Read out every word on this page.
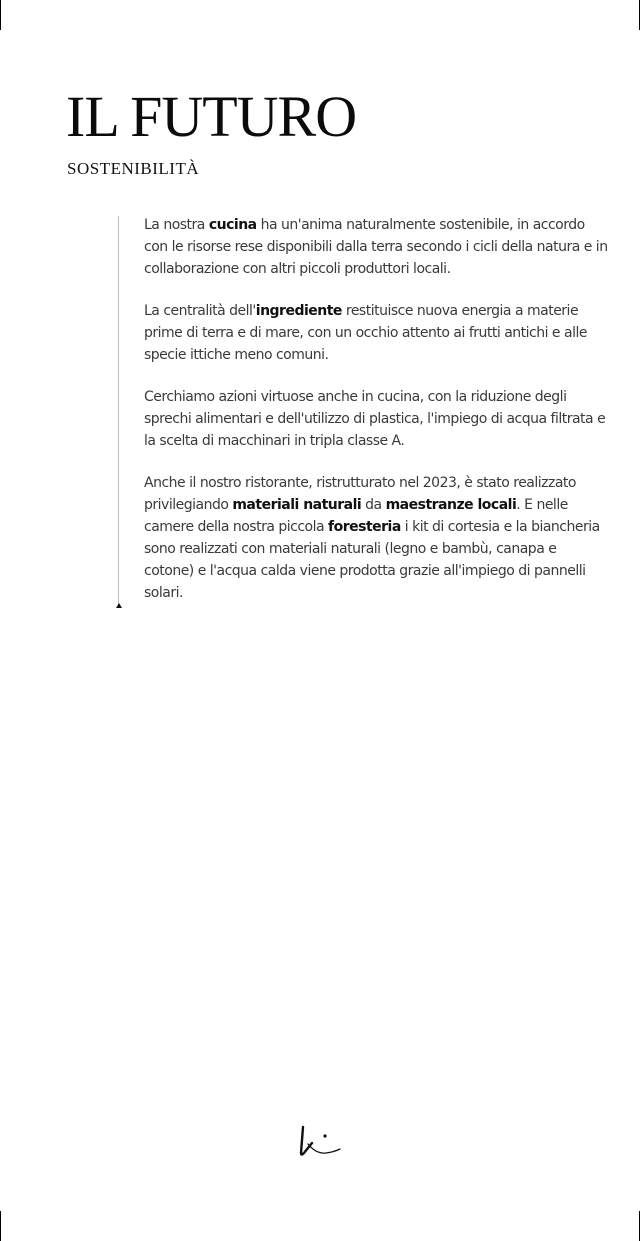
IL FUTURO
SOSTENIBILITÀ

La nostra cucina ha un'anima naturalmente sostenibile, in accordo con le risorse rese disponibili dalla terra secondo i cicli della natura e in collaborazione con altri piccoli produttori locali.

La centralità dell'ingrediente restituisce nuova energia a materie prime di terra e di mare, con un occhio attento ai frutti antichi e alle specie ittiche meno comuni.

Cerchiamo azioni virtuose anche in cucina, con la riduzione degli sprechi alimentari e dell'utilizzo di plastica, l'impiego di acqua filtrata e la scelta di macchinari in tripla classe A.

Anche il nostro ristorante, ristrutturato nel 2023, è stato realizzato privilegiando materiali naturali da maestranze locali. E nelle camere della nostra piccola foresteria i kit di cortesia e la biancheria sono realizzati con materiali naturali (legno e bambù, canapa e cotone) e l'acqua calda viene prodotta grazie all'impiego di pannelli solari.
